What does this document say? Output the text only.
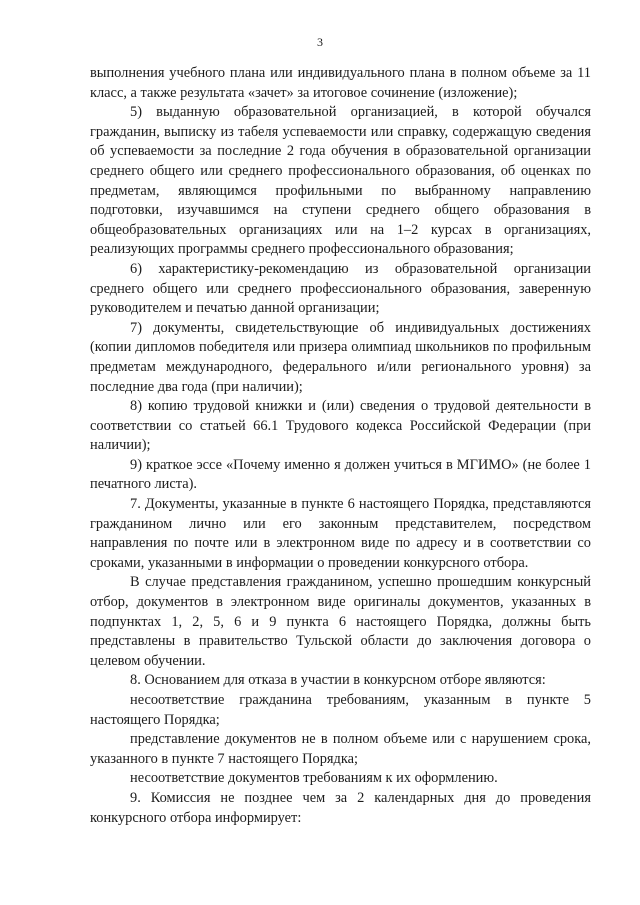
3

выполнения учебного плана или индивидуального плана в полном объеме за 11 класс, а также результата «зачет» за итоговое сочинение (изложение);

5) выданную образовательной организацией, в которой обучался гражданин, выписку из табеля успеваемости или справку, содержащую сведения об успеваемости за последние 2 года обучения в образовательной организации среднего общего или среднего профессионального образования, об оценках по предметам, являющимся профильными по выбранному направлению подготовки, изучавшимся на ступени среднего общего образования в общеобразовательных организациях или на 1–2 курсах в организациях, реализующих программы среднего профессионального образования;

6) характеристику-рекомендацию из образовательной организации среднего общего или среднего профессионального образования, заверенную руководителем и печатью данной организации;

7) документы, свидетельствующие об индивидуальных достижениях (копии дипломов победителя или призера олимпиад школьников по профильным предметам международного, федерального и/или регионального уровня) за последние два года (при наличии);

8) копию трудовой книжки и (или) сведения о трудовой деятельности в соответствии со статьей 66.1 Трудового кодекса Российской Федерации (при наличии);

9) краткое эссе «Почему именно я должен учиться в МГИМО» (не более 1 печатного листа).

7. Документы, указанные в пункте 6 настоящего Порядка, представляются гражданином лично или его законным представителем, посредством направления по почте или в электронном виде по адресу и в соответствии со сроками, указанными в информации о проведении конкурсного отбора.

В случае представления гражданином, успешно прошедшим конкурсный отбор, документов в электронном виде оригиналы документов, указанных в подпунктах 1, 2, 5, 6 и 9 пункта 6 настоящего Порядка, должны быть представлены в правительство Тульской области до заключения договора о целевом обучении.

8. Основанием для отказа в участии в конкурсном отборе являются:

несоответствие гражданина требованиям, указанным в пункте 5 настоящего Порядка;

представление документов не в полном объеме или с нарушением срока, указанного в пункте 7 настоящего Порядка;

несоответствие документов требованиям к их оформлению.

9. Комиссия не позднее чем за 2 календарных дня до проведения конкурсного отбора информирует:
